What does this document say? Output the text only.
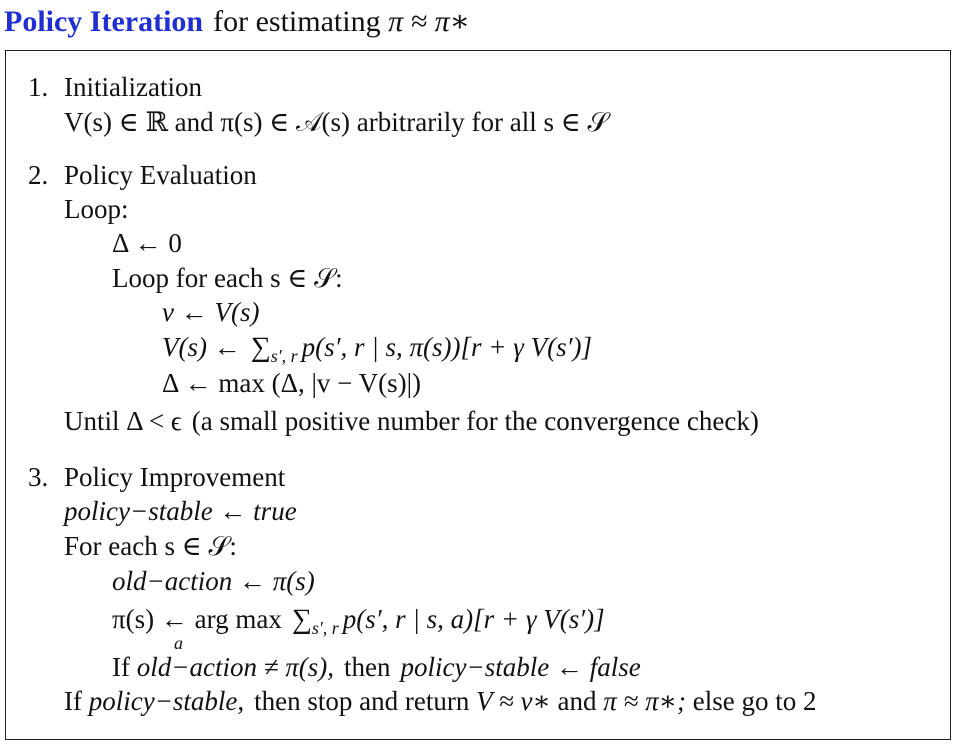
Policy Iteration for estimating π ≈ π∗
1. Initialization
V(s) ∈ ℝ and π(s) ∈ 𝒜(s) arbitrarily for all s ∈ 𝒮
2. Policy Evaluation
Loop:
Δ ← 0
Loop for each s ∈ 𝒮:
v ← V(s)
V(s) ← $\sum_{s', r}$ p(s′, r | s, π(s))[r + γ V(s′)]
Δ ← max (Δ, |v − V(s)|)
Until Δ < ϵ (a small positive number for the convergence check)
3. Policy Improvement
policy−stable ← true
For each s ∈ 𝒮:
old−action ← π(s)
π(s) ← arg max
a
$\sum_{s', r}$ p(s′, r | s, a)[r + γ V(s′)]
If old−action ≠ π(s), then policy−stable ← false
If policy−stable, then stop and return V ≈ v∗ and π ≈ π∗; else go to 2
